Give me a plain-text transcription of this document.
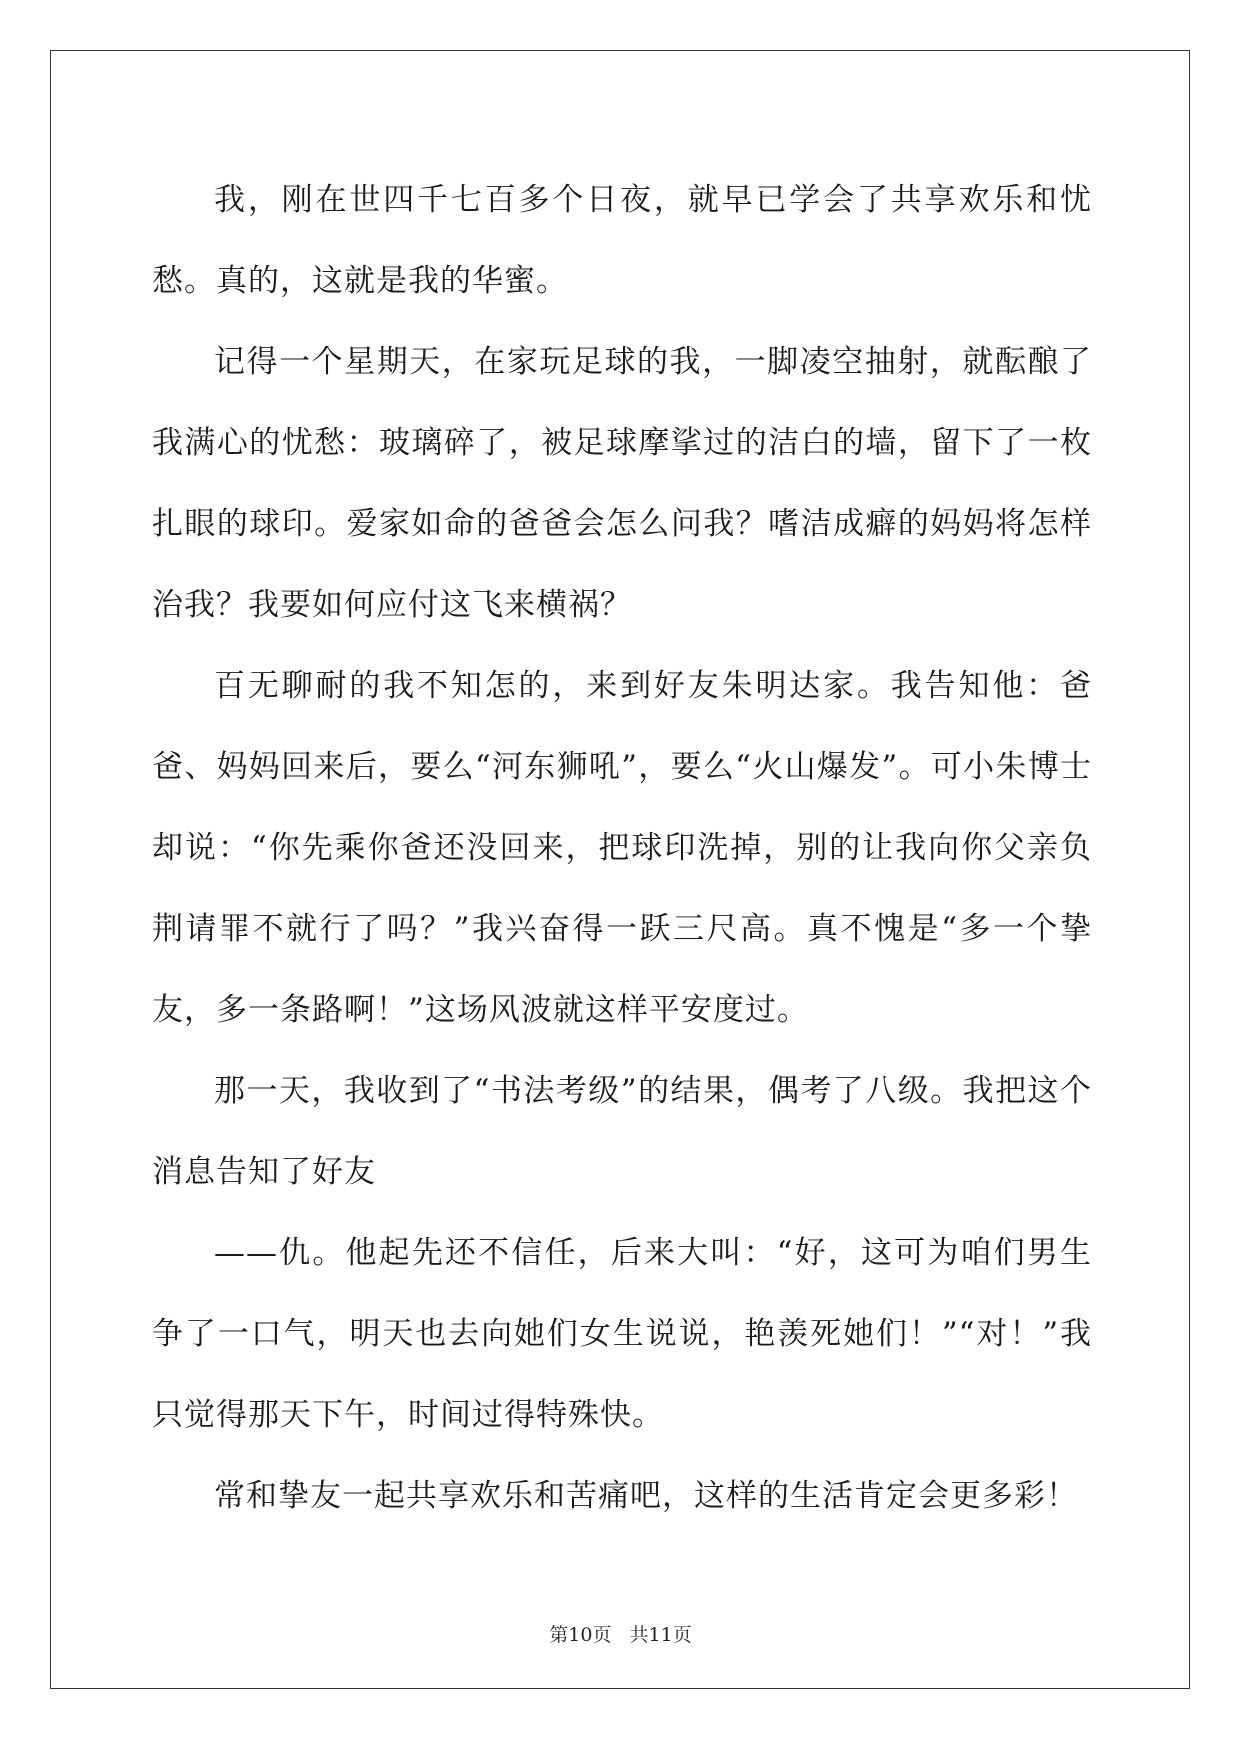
我，刚在世四千七百多个日夜，就早已学会了共享欢乐和忧愁。真的，这就是我的华蜜。

记得一个星期天，在家玩足球的我，一脚凌空抽射，就酝酿了我满心的忧愁：玻璃碎了，被足球摩挲过的洁白的墙，留下了一枚扎眼的球印。爱家如命的爸爸会怎么问我？嗜洁成癖的妈妈将怎样治我？我要如何应付这飞来横祸？

百无聊耐的我不知怎的，来到好友朱明达家。我告知他：爸爸、妈妈回来后，要么“河东狮吼”，要么“火山爆发”。可小朱博士却说：“你先乘你爸还没回来，把球印洗掉，别的让我向你父亲负荆请罪不就行了吗？”我兴奋得一跃三尺高。真不愧是“多一个挚友，多一条路啊！”这场风波就这样平安度过。

那一天，我收到了“书法考级”的结果，偶考了八级。我把这个消息告知了好友

——仇。他起先还不信任，后来大叫：“好，这可为咱们男生争了一口气，明天也去向她们女生说说，艳羡死她们！”“对！”我只觉得那天下午，时间过得特殊快。

常和挚友一起共享欢乐和苦痛吧，这样的生活肯定会更多彩！

第10页 共11页
